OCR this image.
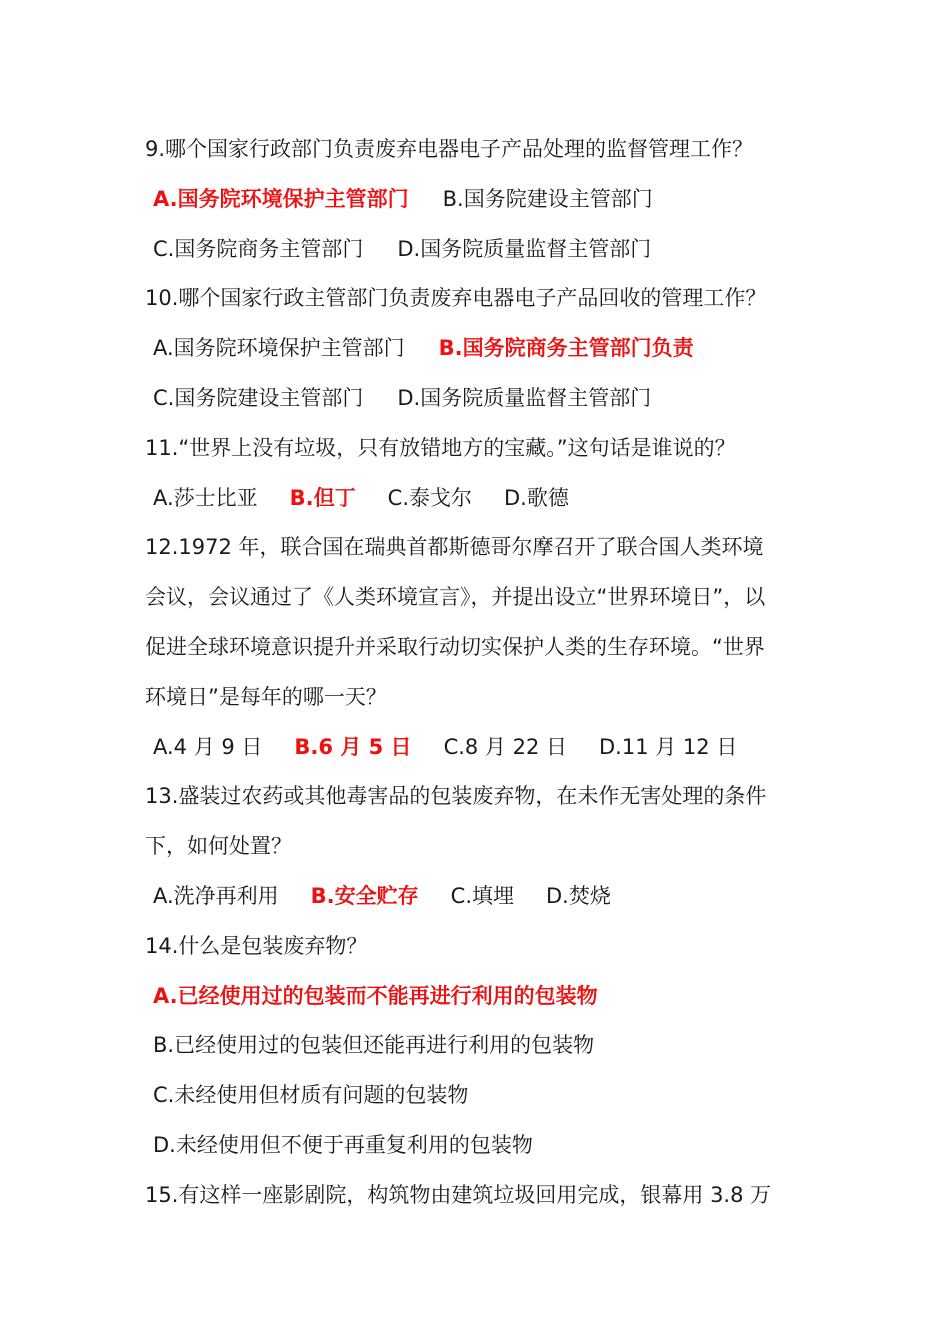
9.哪个国家行政部门负责废弃电器电子产品处理的监督管理工作？
A.国务院环境保护主管部门 B.国务院建设主管部门
C.国务院商务主管部门 D.国务院质量监督主管部门
10.哪个国家行政主管部门负责废弃电器电子产品回收的管理工作？
A.国务院环境保护主管部门 B.国务院商务主管部门负责
C.国务院建设主管部门 D.国务院质量监督主管部门
11.“世界上没有垃圾，只有放错地方的宝藏。”这句话是谁说的？
A.莎士比亚 B.但丁 C.泰戈尔 D.歌德
12.1972 年，联合国在瑞典首都斯德哥尔摩召开了联合国人类环境
会议，会议通过了《人类环境宣言》，并提出设立“世界环境日”，以
促进全球环境意识提升并采取行动切实保护人类的生存环境。“世界
环境日”是每年的哪一天？
A.4 月 9 日 B.6 月 5 日 C.8 月 22 日 D.11 月 12 日
13.盛装过农药或其他毒害品的包装废弃物，在未作无害处理的条件
下，如何处置？
A.洗净再利用 B.安全贮存 C.填埋 D.焚烧
14.什么是包装废弃物？
A.已经使用过的包装而不能再进行利用的包装物
B.已经使用过的包装但还能再进行利用的包装物
C.未经使用但材质有问题的包装物
D.未经使用但不便于再重复利用的包装物
15.有这样一座影剧院，构筑物由建筑垃圾回用完成，银幕用 3.8 万
